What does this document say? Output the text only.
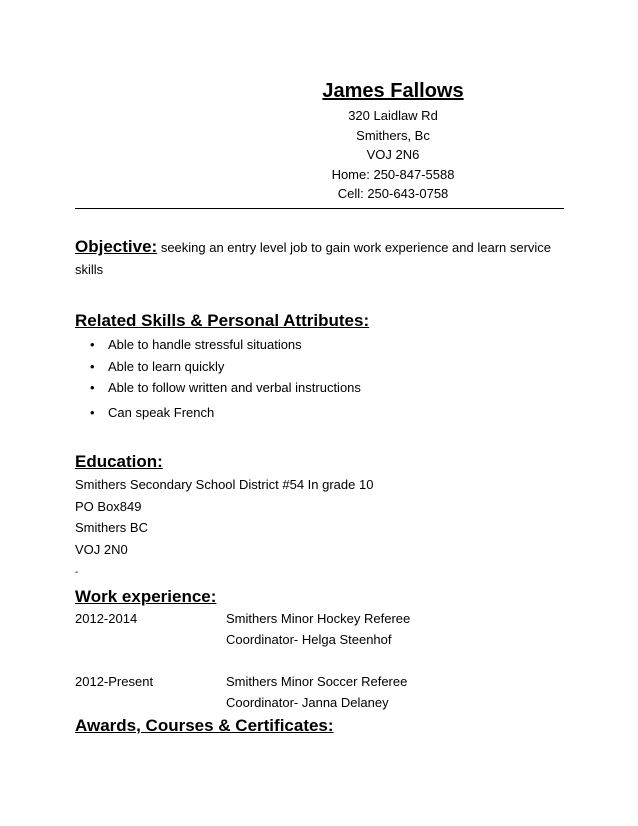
James Fallows
320 Laidlaw Rd
Smithers, Bc
VOJ 2N6
Home: 250-847-5588
Cell: 250-643-0758
Objective: seeking an entry level job to gain work experience and learn service skills
Related Skills & Personal Attributes:
• Able to handle stressful situations
• Able to learn quickly
• Able to follow written and verbal instructions
• Can speak French
Education:
Smithers Secondary School District #54 In grade 10
PO Box849
Smithers BC
VOJ 2N0
-
Work experience:
2012-2014	Smithers Minor Hockey Referee
Coordinator- Helga Steenhof
2012-Present	Smithers Minor Soccer Referee
Coordinator- Janna Delaney
Awards, Courses & Certificates:
